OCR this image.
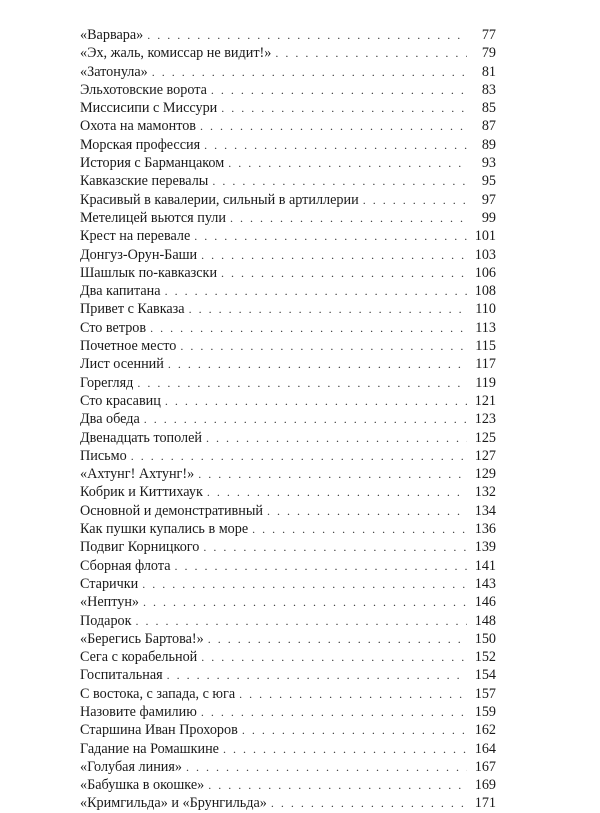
«Варвара» . . .	77
«Эх, жаль, комиссар не видит!» . . .	79
«Затонула» . . .	81
Эльхотовские ворота . . .	83
Миссисипи с Миссури . . .	85
Охота на мамонтов . . .	87
Морская профессия . . .	89
История с Барманцаком . . .	93
Кавказские перевалы . . .	95
Красивый в кавалерии, сильный в артиллерии . . .	97
Метелицей вьются пули . . .	99
Крест на перевале . . .	101
Донгуз-Орун-Баши . . .	103
Шашлык по-кавказски . . .	106
Два капитана . . .	108
Привет с Кавказа . . .	110
Сто ветров . . .	113
Почетное место . . .	115
Лист осенний . . .	117
Горегляд . . .	119
Сто красавиц . . .	121
Два обеда . . .	123
Двенадцать тополей . . .	125
Письмо . . .	127
«Ахтунг! Ахтунг!» . . .	129
Кобрик и Киттихаук . . .	132
Основной и демонстративный . . .	134
Как пушки купались в море . . .	136
Подвиг Корницкого . . .	139
Сборная флота . . .	141
Старички . . .	143
«Нептун» . . .	146
Подарок . . .	148
«Берегись Бартова!» . . .	150
Сега с корабельной . . .	152
Госпитальная . . .	154
С востока, с запада, с юга . . .	157
Назовите фамилию . . .	159
Старшина Иван Прохоров . . .	162
Гадание на Ромашкине . . .	164
«Голубая линия» . . .	167
«Бабушка в окошке» . . .	169
«Кримгильда» и «Брунгильда» . . .	171
